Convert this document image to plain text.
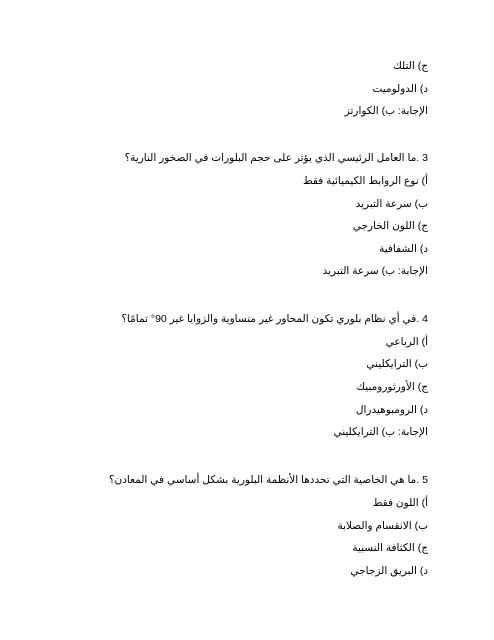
ج) التلك
د) الدولوميت
الإجابة: ب) الكوارتز
3 .ما العامل الرئيسي الذي يؤثر على حجم البلورات في الصخور النارية؟
أ) نوع الروابط الكيميائية فقط
ب) سرعة التبريد
ج) اللون الخارجي
د) الشفافية
الإجابة: ب) سرعة التبريد
4 .في أي نظام بلوري تكون المحاور غير متساوية والزوايا غير 90° تمامًا؟
أ) الرباعي
ب) الترايكليني
ج) الأورثورومبيك
د) الرومبوهيدرال
الإجابة: ب) الترايكليني
5 .ما هي الخاصية التي تحددها الأنظمة البلورية بشكل أساسي في المعادن؟
أ) اللون فقط
ب) الانقسام والصلابة
ج) الكثافة النسبية
د) البريق الزجاجي
